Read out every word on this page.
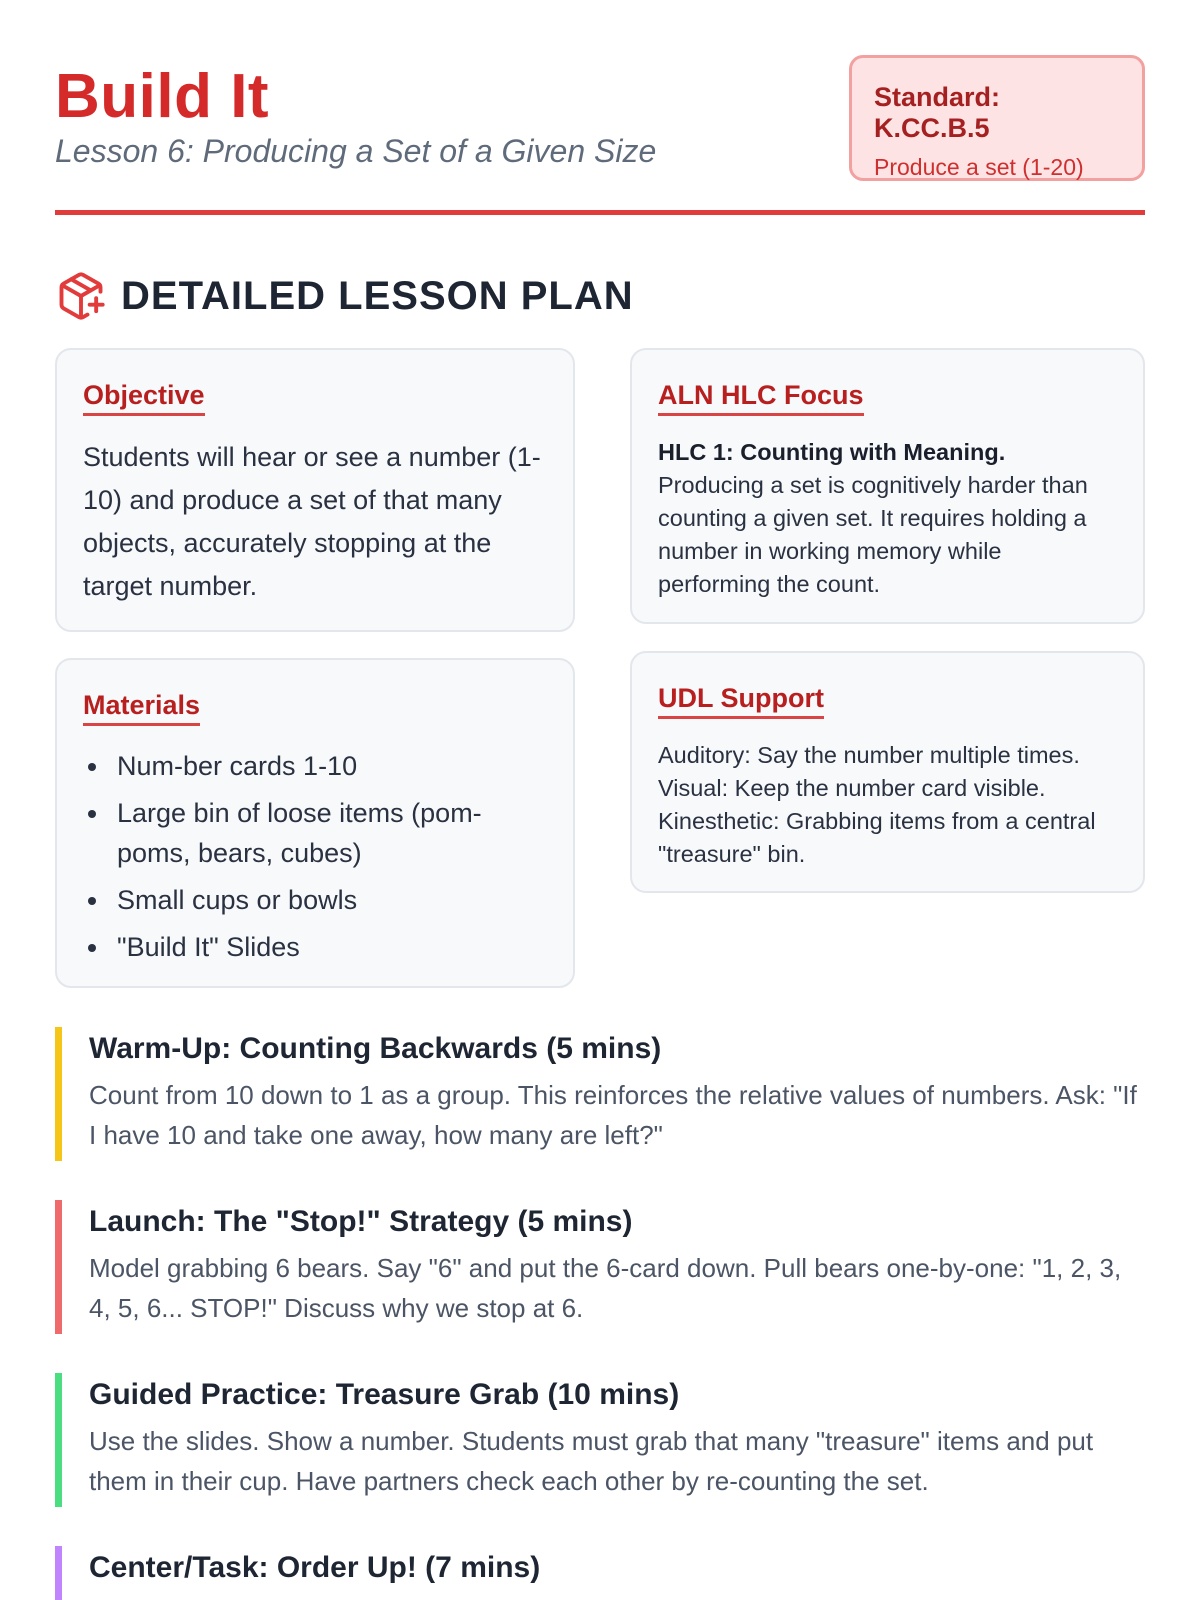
Build It
Lesson 6: Producing a Set of a Given Size
Standard: K.CC.B.5
Produce a set (1-20)
DETAILED LESSON PLAN
Objective
Students will hear or see a number (1-10) and produce a set of that many objects, accurately stopping at the target number.
ALN HLC Focus
HLC 1: Counting with Meaning.
Producing a set is cognitively harder than counting a given set. It requires holding a number in working memory while performing the count.
Materials
Num-ber cards 1-10
Large bin of loose items (pom-poms, bears, cubes)
Small cups or bowls
"Build It" Slides
UDL Support
Auditory: Say the number multiple times. Visual: Keep the number card visible. Kinesthetic: Grabbing items from a central "treasure" bin.
Warm-Up: Counting Backwards (5 mins)
Count from 10 down to 1 as a group. This reinforces the relative values of numbers. Ask: "If I have 10 and take one away, how many are left?"
Launch: The "Stop!" Strategy (5 mins)
Model grabbing 6 bears. Say "6" and put the 6-card down. Pull bears one-by-one: "1, 2, 3, 4, 5, 6... STOP!" Discuss why we stop at 6.
Guided Practice: Treasure Grab (10 mins)
Use the slides. Show a number. Students must grab that many "treasure" items and put them in their cup. Have partners check each other by re-counting the set.
Center/Task: Order Up! (7 mins)
